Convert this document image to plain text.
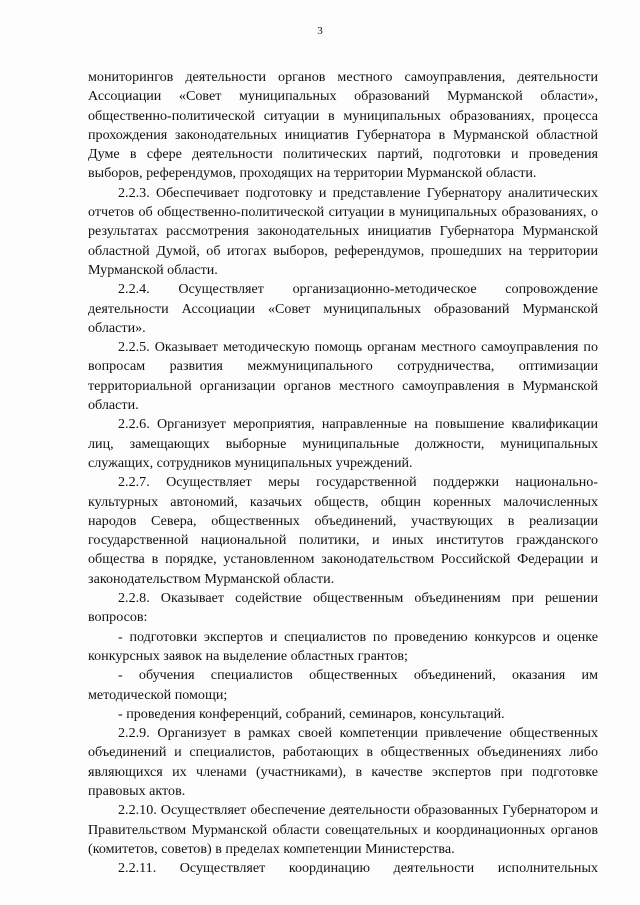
3

мониторингов деятельности органов местного самоуправления, деятельности Ассоциации «Совет муниципальных образований Мурманской области», общественно-политической ситуации в муниципальных образованиях, процесса прохождения законодательных инициатив Губернатора в Мурманской областной Думе в сфере деятельности политических партий, подготовки и проведения выборов, референдумов, проходящих на территории Мурманской области.

2.2.3. Обеспечивает подготовку и представление Губернатору аналитических отчетов об общественно-политической ситуации в муниципальных образованиях, о результатах рассмотрения законодательных инициатив Губернатора Мурманской областной Думой, об итогах выборов, референдумов, прошедших на территории Мурманской области.

2.2.4. Осуществляет организационно-методическое сопровождение деятельности Ассоциации «Совет муниципальных образований Мурманской области».

2.2.5. Оказывает методическую помощь органам местного самоуправления по вопросам развития межмуниципального сотрудничества, оптимизации территориальной организации органов местного самоуправления в Мурманской области.

2.2.6. Организует мероприятия, направленные на повышение квалификации лиц, замещающих выборные муниципальные должности, муниципальных служащих, сотрудников муниципальных учреждений.

2.2.7. Осуществляет меры государственной поддержки национально-культурных автономий, казачьих обществ, общин коренных малочисленных народов Севера, общественных объединений, участвующих в реализации государственной национальной политики, и иных институтов гражданского общества в порядке, установленном законодательством Российской Федерации и законодательством Мурманской области.

2.2.8. Оказывает содействие общественным объединениям при решении вопросов:

- подготовки экспертов и специалистов по проведению конкурсов и оценке конкурсных заявок на выделение областных грантов;

- обучения специалистов общественных объединений, оказания им методической помощи;

- проведения конференций, собраний, семинаров, консультаций.

2.2.9. Организует в рамках своей компетенции привлечение общественных объединений и специалистов, работающих в общественных объединениях либо являющихся их членами (участниками), в качестве экспертов при подготовке правовых актов.

2.2.10. Осуществляет обеспечение деятельности образованных Губернатором и Правительством Мурманской области совещательных и координационных органов (комитетов, советов) в пределах компетенции Министерства.

2.2.11. Осуществляет координацию деятельности исполнительных
